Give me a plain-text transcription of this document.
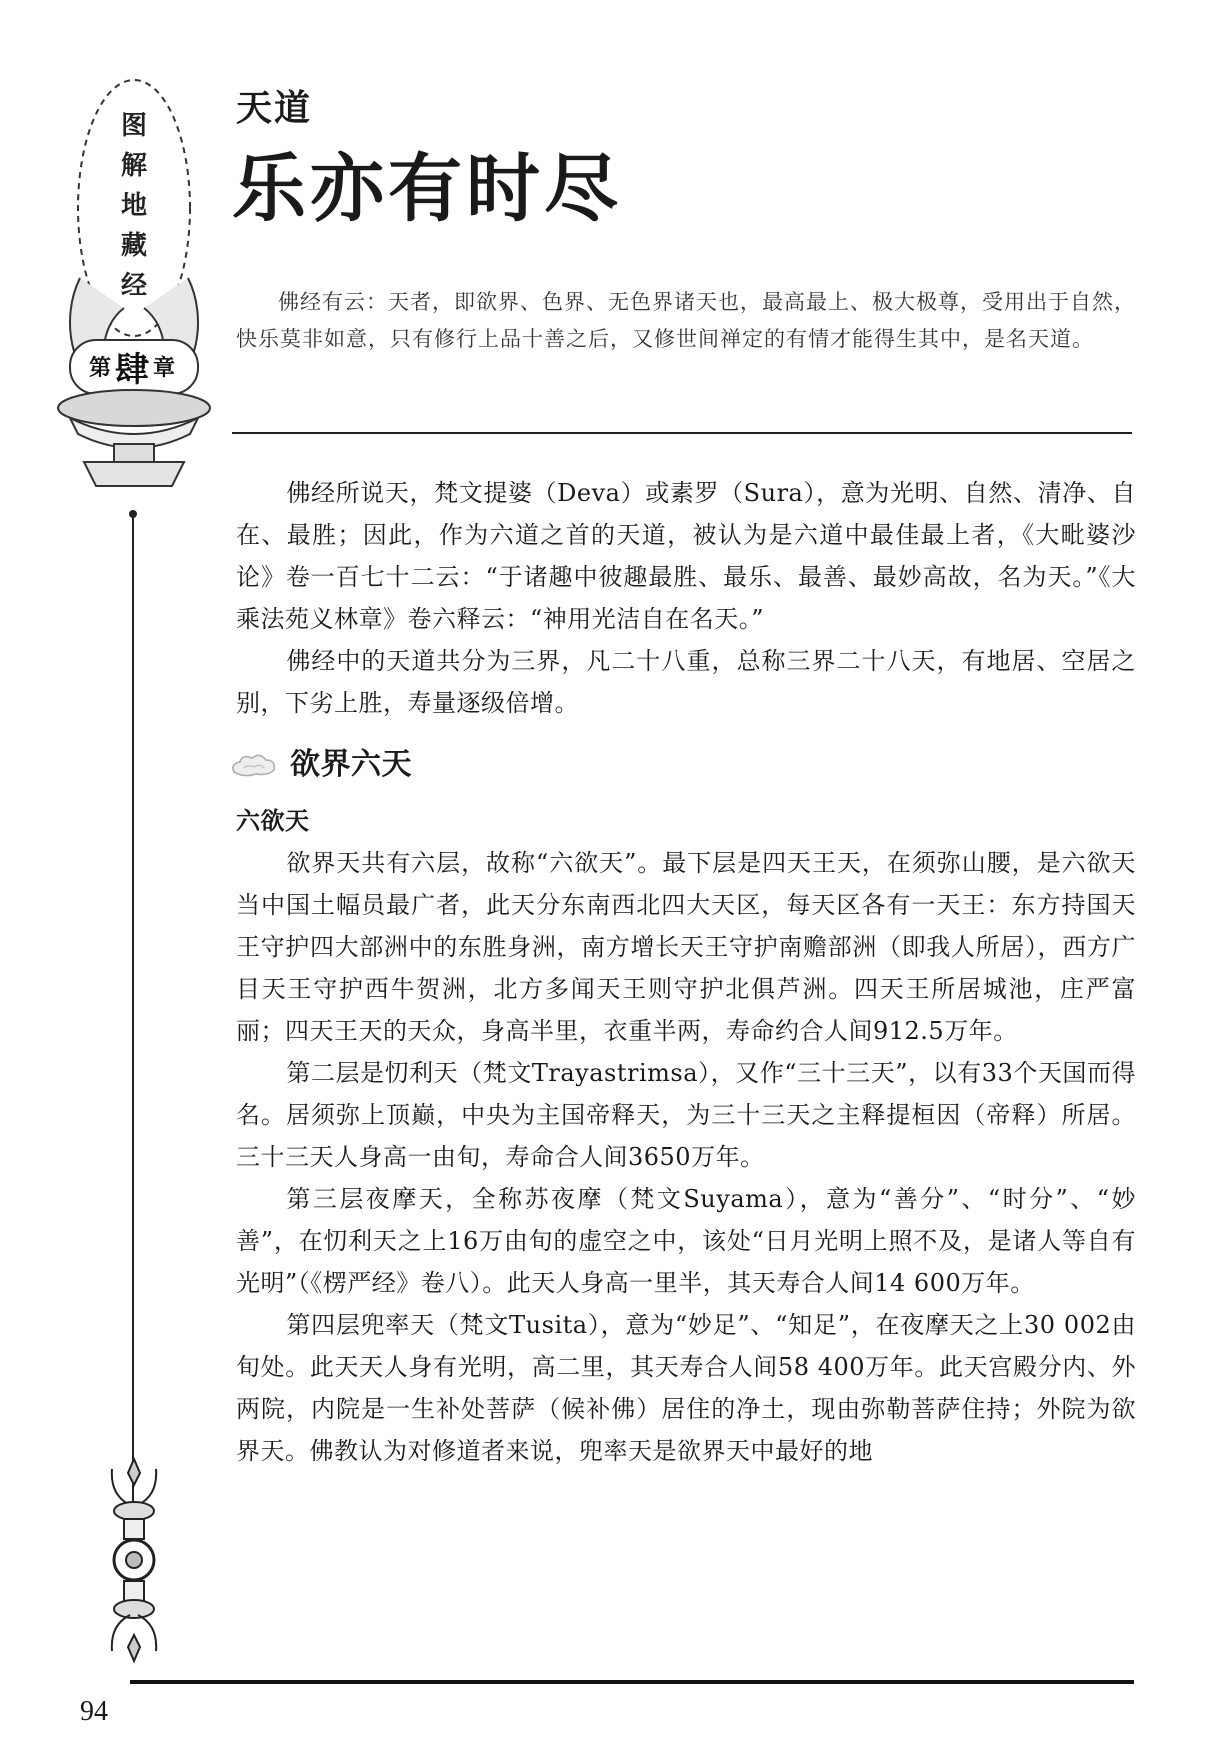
图
解
地
藏
经
第 肆 章
天道
乐亦有时尽

佛经有云：天者，即欲界、色界、无色界诸天也，最高最上、极大极尊，受用出于自然，快乐莫非如意，只有修行上品十善之后，又修世间禅定的有情才能得生其中，是名天道。

佛经所说天，梵文提婆（Deva）或素罗（Sura），意为光明、自然、清净、自在、最胜；因此，作为六道之首的天道，被认为是六道中最佳最上者，《大毗婆沙论》卷一百七十二云：“于诸趣中彼趣最胜、最乐、最善、最妙高故，名为天。”《大乘法苑义林章》卷六释云：“神用光洁自在名天。”

佛经中的天道共分为三界，凡二十八重，总称三界二十八天，有地居、空居之别，下劣上胜，寿量逐级倍增。

欲界六天
六欲天

欲界天共有六层，故称“六欲天”。最下层是四天王天，在须弥山腰，是六欲天当中国土幅员最广者，此天分东南西北四大天区，每天区各有一天王：东方持国天王守护四大部洲中的东胜身洲，南方增长天王守护南赡部洲（即我人所居），西方广目天王守护西牛贺洲，北方多闻天王则守护北俱芦洲。四天王所居城池，庄严富丽；四天王天的天众，身高半里，衣重半两，寿命约合人间912.5万年。

第二层是忉利天（梵文Trayastrimsa），又作“三十三天”，以有33个天国而得名。居须弥上顶巅，中央为主国帝释天，为三十三天之主释提桓因（帝释）所居。三十三天人身高一由旬，寿命合人间3650万年。

第三层夜摩天，全称苏夜摩（梵文Suyama），意为“善分”、“时分”、“妙善”，在忉利天之上16万由旬的虚空之中，该处“日月光明上照不及，是诸人等自有光明”（《楞严经》卷八）。此天人身高一里半，其天寿合人间14 600万年。

第四层兜率天（梵文Tusita），意为“妙足”、“知足”，在夜摩天之上30 002由旬处。此天天人身有光明，高二里，其天寿合人间58 400万年。此天宫殿分内、外两院，内院是一生补处菩萨（候补佛）居住的净土，现由弥勒菩萨住持；外院为欲界天。佛教认为对修道者来说，兜率天是欲界天中最好的地

94
